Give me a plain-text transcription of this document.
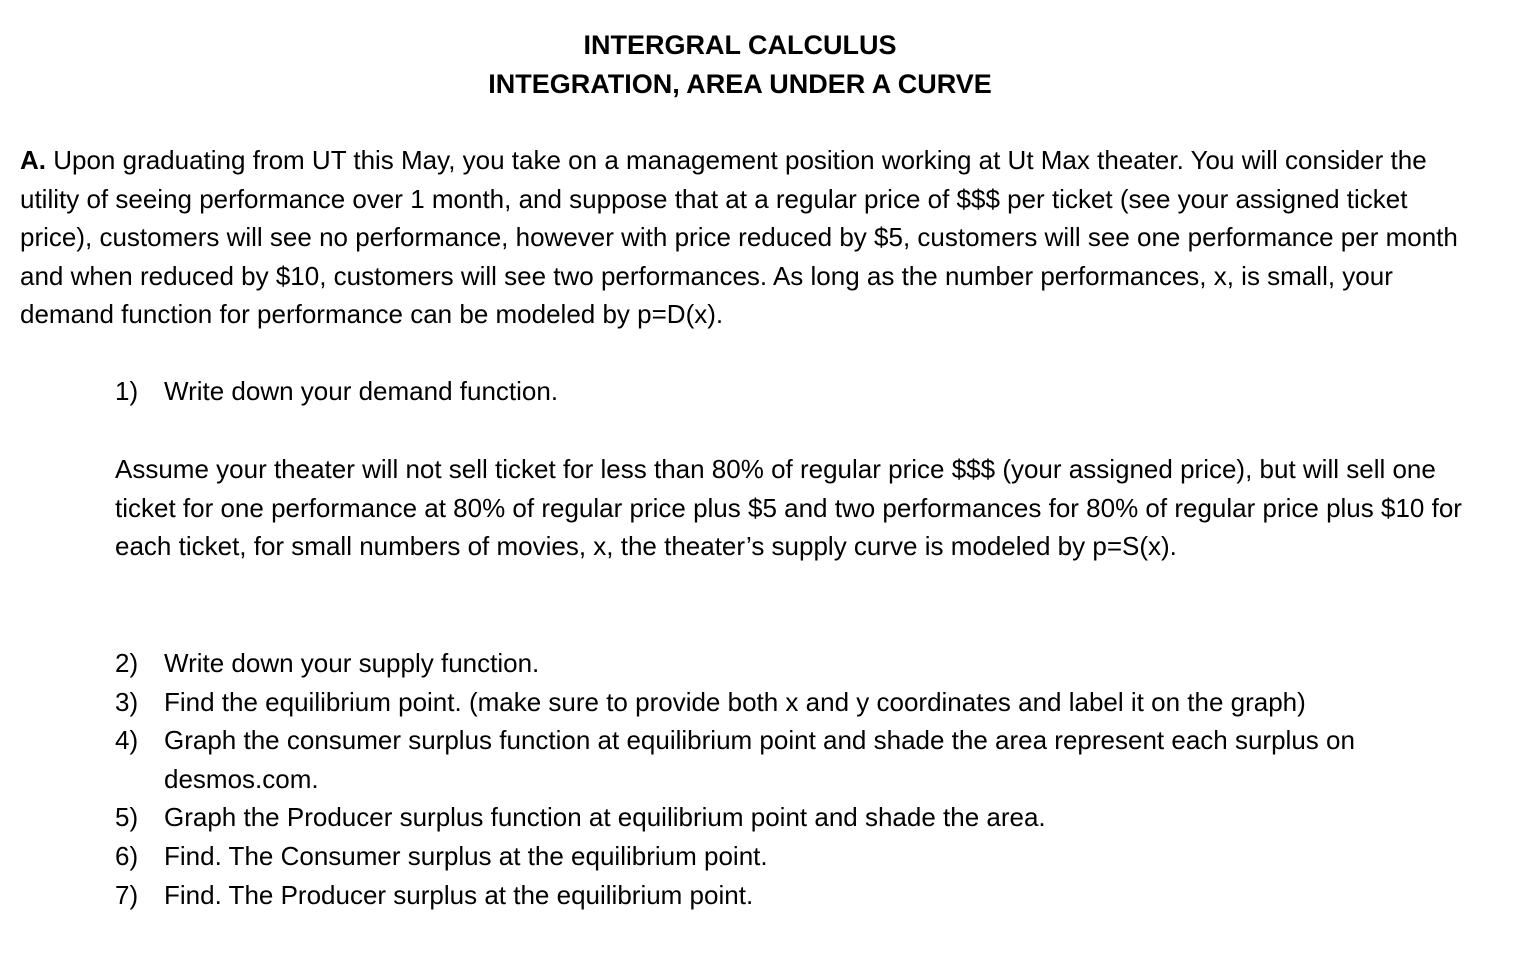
INTERGRAL CALCULUS
INTEGRATION, AREA UNDER A CURVE

A. Upon graduating from UT this May, you take on a management position working at Ut Max theater. You will consider the utility of seeing performance over 1 month, and suppose that at a regular price of $$$ per ticket (see your assigned ticket price), customers will see no performance, however with price reduced by $5, customers will see one performance per month and when reduced by $10, customers will see two performances. As long as the number performances, x, is small, your demand function for performance can be modeled by p=D(x).

1) Write down your demand function.

Assume your theater will not sell ticket for less than 80% of regular price $$$ (your assigned price), but will sell one ticket for one performance at 80% of regular price plus $5 and two performances for 80% of regular price plus $10 for each ticket, for small numbers of movies, x, the theater’s supply curve is modeled by p=S(x).

2) Write down your supply function.
3) Find the equilibrium point. (make sure to provide both x and y coordinates and label it on the graph)
4) Graph the consumer surplus function at equilibrium point and shade the area represent each surplus on desmos.com.
5) Graph the Producer surplus function at equilibrium point and shade the area.
6) Find. The Consumer surplus at the equilibrium point.
7) Find. The Producer surplus at the equilibrium point.
